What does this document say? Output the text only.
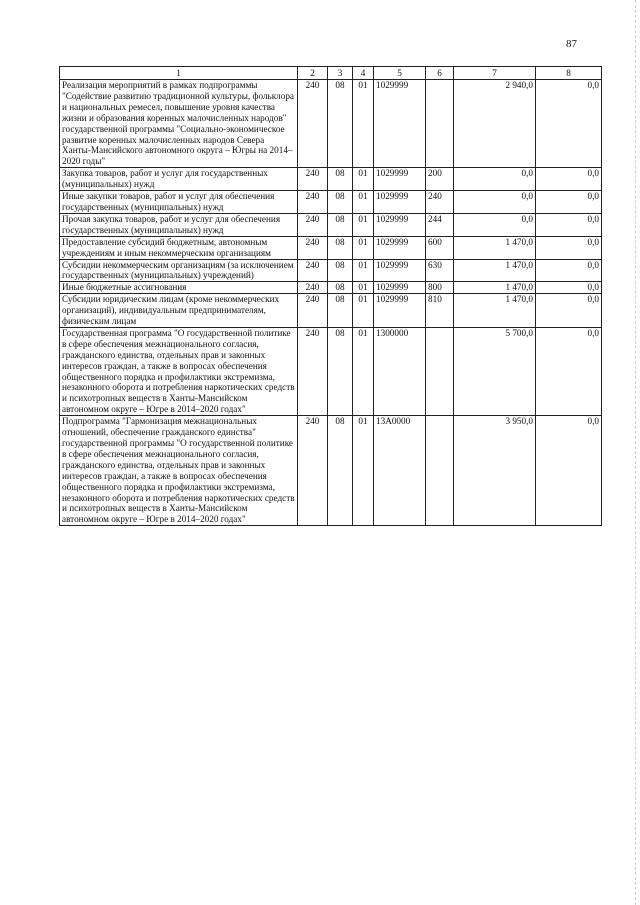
87
1	2	3	4	5	6	7	8
Реализация мероприятий в рамках подпрограммы "Содействие развитию традиционной культуры, фольклора и национальных ремесел, повышение уровня качества жизни и образования коренных малочисленных народов" государственной программы "Социально-экономическое развитие коренных малочисленных народов Севера Ханты-Мансийского автономного округа – Югры на 2014–2020 годы"	240	08	01	1029999		2 940,0	0,0
Закупка товаров, работ и услуг для государственных (муниципальных) нужд	240	08	01	1029999	200	0,0	0,0
Иные закупки товаров, работ и услуг для обеспечения государственных (муниципальных) нужд	240	08	01	1029999	240	0,0	0,0
Прочая закупка товаров, работ и услуг для обеспечения государственных (муниципальных) нужд	240	08	01	1029999	244	0,0	0,0
Предоставление субсидий бюджетным, автономным учреждениям и иным некоммерческим организациям	240	08	01	1029999	600	1 470,0	0,0
Субсидии некоммерческим организациям (за исключением государственных (муниципальных) учреждений)	240	08	01	1029999	630	1 470,0	0,0
Иные бюджетные ассигнования	240	08	01	1029999	800	1 470,0	0,0
Субсидии юридическим лицам (кроме некоммерческих организаций), индивидуальным предпринимателям, физическим лицам	240	08	01	1029999	810	1 470,0	0,0
Государственная программа "О государственной политике в сфере обеспечения межнационального согласия, гражданского единства, отдельных прав и законных интересов граждан, а также в вопросах обеспечения общественного порядка и профилактики экстремизма, незаконного оборота и потребления наркотических средств и психотропных веществ в Ханты-Мансийском автономном округе – Югре в 2014–2020 годах"	240	08	01	1300000		5 700,0	0,0
Подпрограмма "Гармонизация межнациональных отношений, обеспечение гражданского единства" государственной программы "О государственной политике в сфере обеспечения межнационального согласия, гражданского единства, отдельных прав и законных интересов граждан, а также в вопросах обеспечения общественного порядка и профилактики экстремизма, незаконного оборота и потребления наркотических средств и психотропных веществ в Ханты-Мансийском автономном округе – Югре в 2014–2020 годах"	240	08	01	13А0000		3 950,0	0,0
